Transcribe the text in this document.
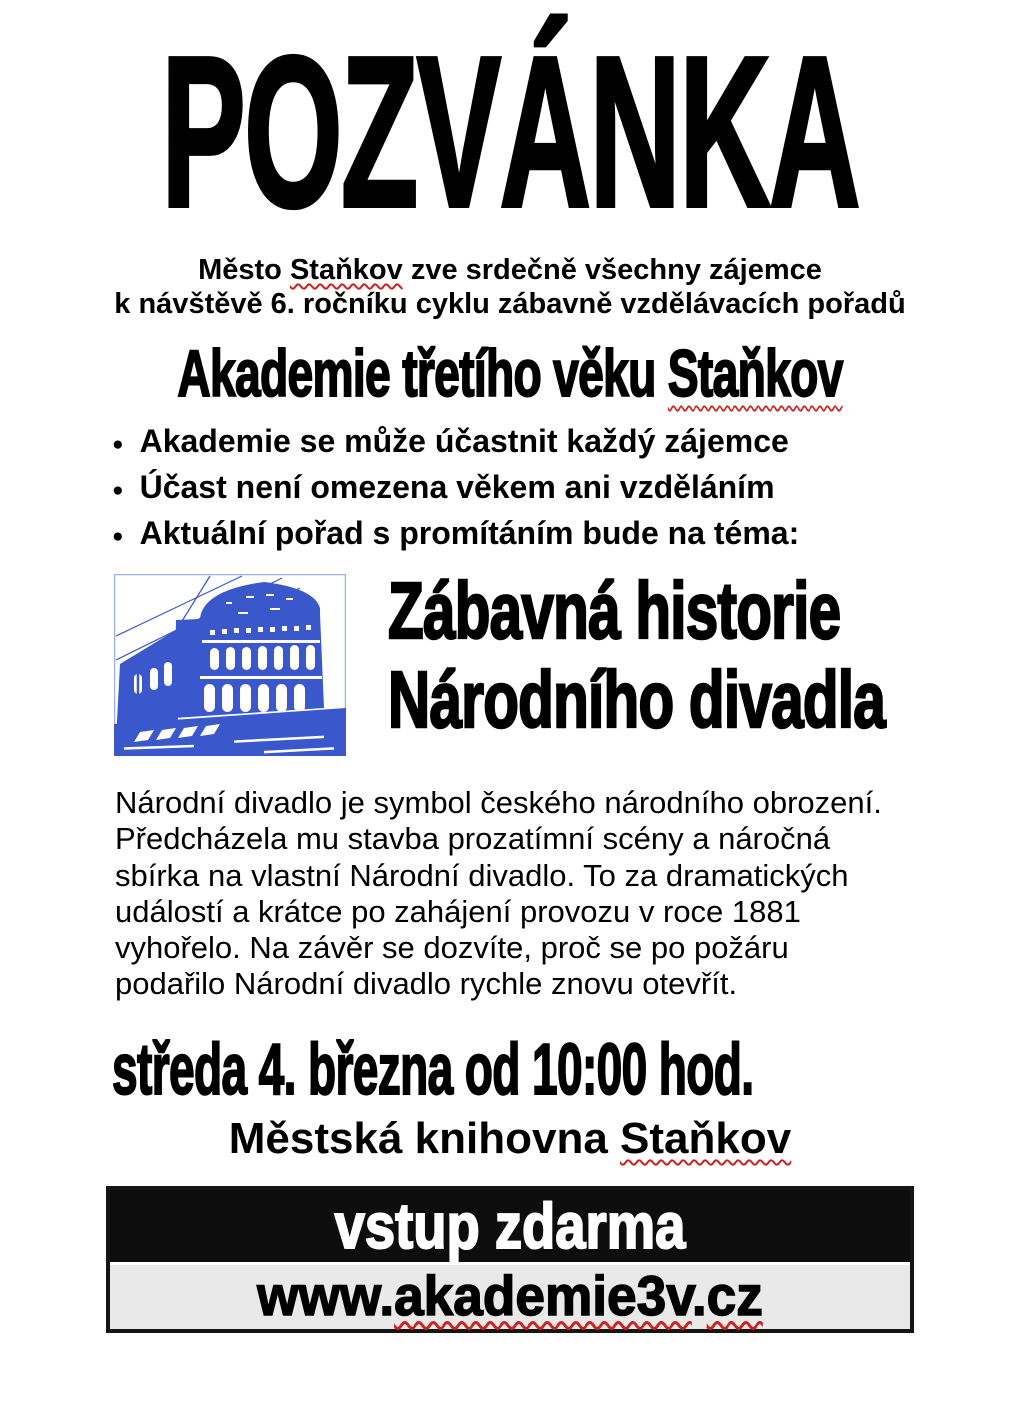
POZVÁNKA
Město Staňkov zve srdečně všechny zájemce
k návštěvě 6. ročníku cyklu zábavně vzdělávacích pořadů
Akademie třetího věku Staňkov
● Akademie se může účastnit každý zájemce
● Účast není omezena věkem ani vzděláním
● Aktuální pořad s promítáním bude na téma:
Zábavná historie
Národního divadla
Národní divadlo je symbol českého národního obrození.
Předcházela mu stavba prozatímní scény a náročná
sbírka na vlastní Národní divadlo. To za dramatických
událostí a krátce po zahájení provozu v roce 1881
vyhořelo. Na závěr se dozvíte, proč se po požáru
podařilo Národní divadlo rychle znovu otevřít.
středa 4. března od 10:00 hod.
Městská knihovna Staňkov
vstup zdarma
www.akademie3v.cz
